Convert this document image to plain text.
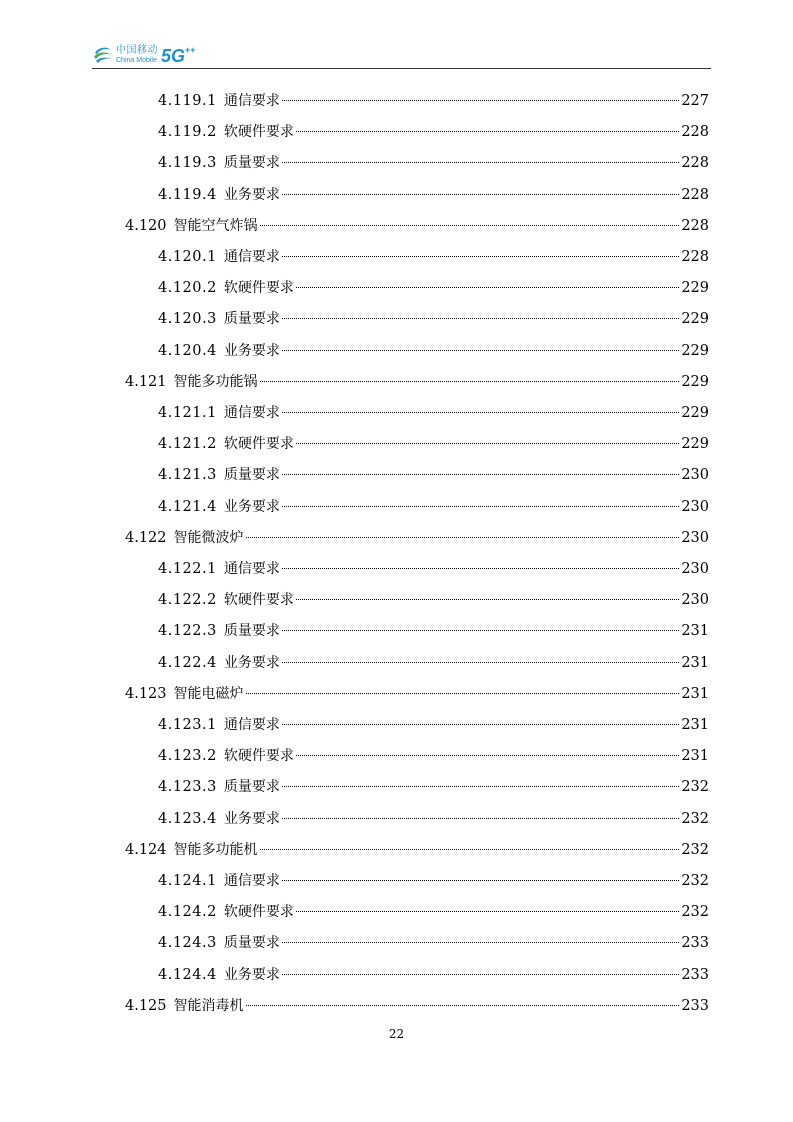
中国移动
China Mobile 5G ++
4.119.1 通信要求	227
4.119.2 软硬件要求	228
4.119.3 质量要求	228
4.119.4 业务要求	228
4.120 智能空气炸锅	228
4.120.1 通信要求	228
4.120.2 软硬件要求	229
4.120.3 质量要求	229
4.120.4 业务要求	229
4.121 智能多功能锅	229
4.121.1 通信要求	229
4.121.2 软硬件要求	229
4.121.3 质量要求	230
4.121.4 业务要求	230
4.122 智能微波炉	230
4.122.1 通信要求	230
4.122.2 软硬件要求	230
4.122.3 质量要求	231
4.122.4 业务要求	231
4.123 智能电磁炉	231
4.123.1 通信要求	231
4.123.2 软硬件要求	231
4.123.3 质量要求	232
4.123.4 业务要求	232
4.124 智能多功能机	232
4.124.1 通信要求	232
4.124.2 软硬件要求	232
4.124.3 质量要求	233
4.124.4 业务要求	233
4.125 智能消毒机	233
22
